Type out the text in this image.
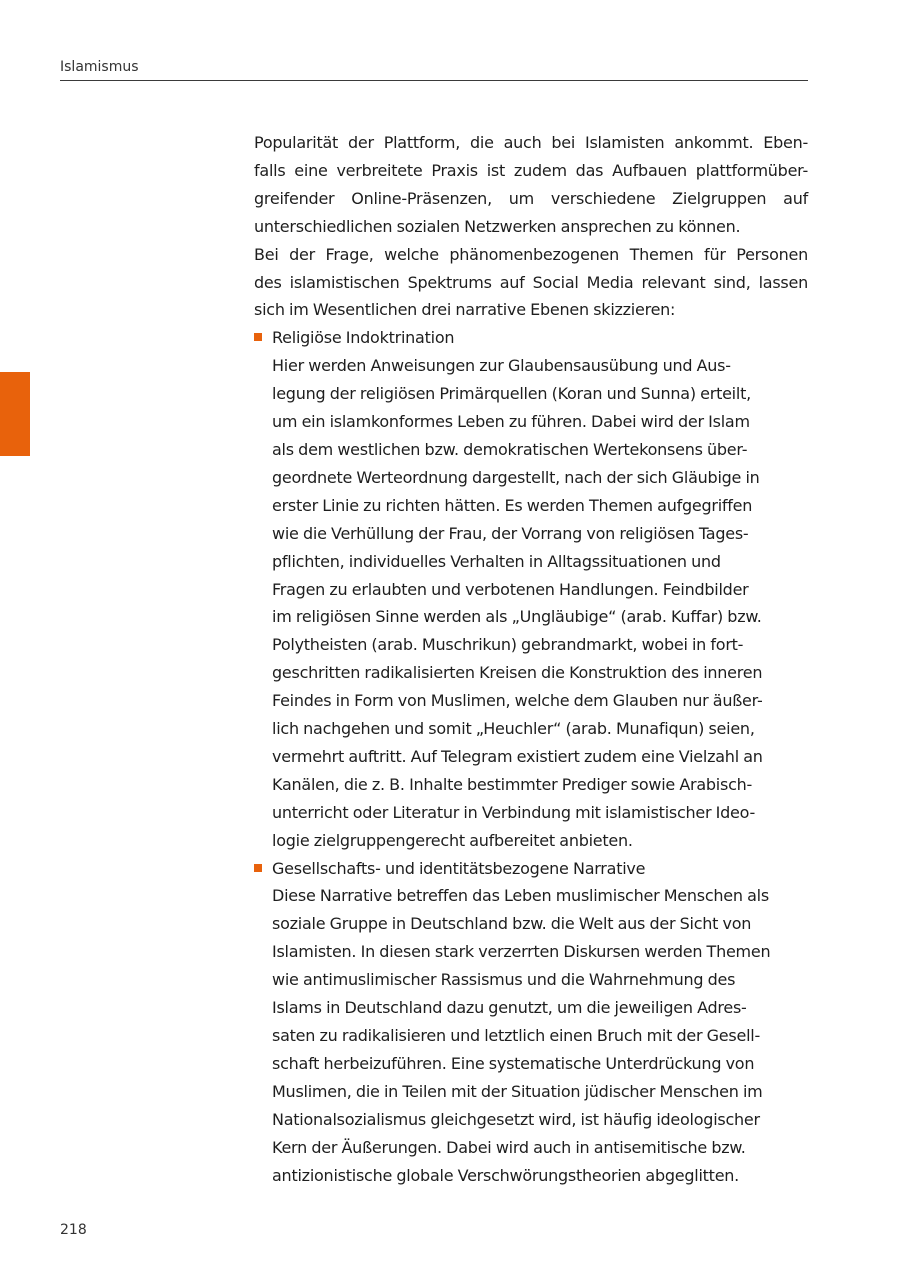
Islamismus
Popularität der Plattform, die auch bei Islamisten ankommt. Eben-
falls eine verbreitete Praxis ist zudem das Aufbauen plattformüber-
greifender Online-Präsenzen, um verschiedene Zielgruppen auf
unterschiedlichen sozialen Netzwerken ansprechen zu können.
Bei der Frage, welche phänomenbezogenen Themen für Personen
des islamistischen Spektrums auf Social Media relevant sind, lassen
sich im Wesentlichen drei narrative Ebenen skizzieren:
Religiöse Indoktrination
Hier werden Anweisungen zur Glaubensausübung und Aus-
legung der religiösen Primärquellen (Koran und Sunna) erteilt,
um ein islamkonformes Leben zu führen. Dabei wird der Islam
als dem westlichen bzw. demokratischen Wertekonsens über-
geordnete Werteordnung dargestellt, nach der sich Gläubige in
erster Linie zu richten hätten. Es werden Themen aufgegriffen
wie die Verhüllung der Frau, der Vorrang von religiösen Tages-
pflichten, individuelles Verhalten in Alltagssituationen und
Fragen zu erlaubten und verbotenen Handlungen. Feindbilder
im religiösen Sinne werden als „Ungläubige“ (arab. Kuffar) bzw.
Polytheisten (arab. Muschrikun) gebrandmarkt, wobei in fort-
geschritten radikalisierten Kreisen die Konstruktion des inneren
Feindes in Form von Muslimen, welche dem Glauben nur äußer-
lich nachgehen und somit „Heuchler“ (arab. Munafiqun) seien,
vermehrt auftritt. Auf Telegram existiert zudem eine Vielzahl an
Kanälen, die z. B. Inhalte bestimmter Prediger sowie Arabisch-
unterricht oder Literatur in Verbindung mit islamistischer Ideo-
logie zielgruppengerecht aufbereitet anbieten.
Gesellschafts- und identitätsbezogene Narrative
Diese Narrative betreffen das Leben muslimischer Menschen als
soziale Gruppe in Deutschland bzw. die Welt aus der Sicht von
Islamisten. In diesen stark verzerrten Diskursen werden Themen
wie antimuslimischer Rassismus und die Wahrnehmung des
Islams in Deutschland dazu genutzt, um die jeweiligen Adres-
saten zu radikalisieren und letztlich einen Bruch mit der Gesell-
schaft herbeizuführen. Eine systematische Unterdrückung von
Muslimen, die in Teilen mit der Situation jüdischer Menschen im
Nationalsozialismus gleichgesetzt wird, ist häufig ideologischer
Kern der Äußerungen. Dabei wird auch in antisemitische bzw.
antizionistische globale Verschwörungstheorien abgeglitten.
218
